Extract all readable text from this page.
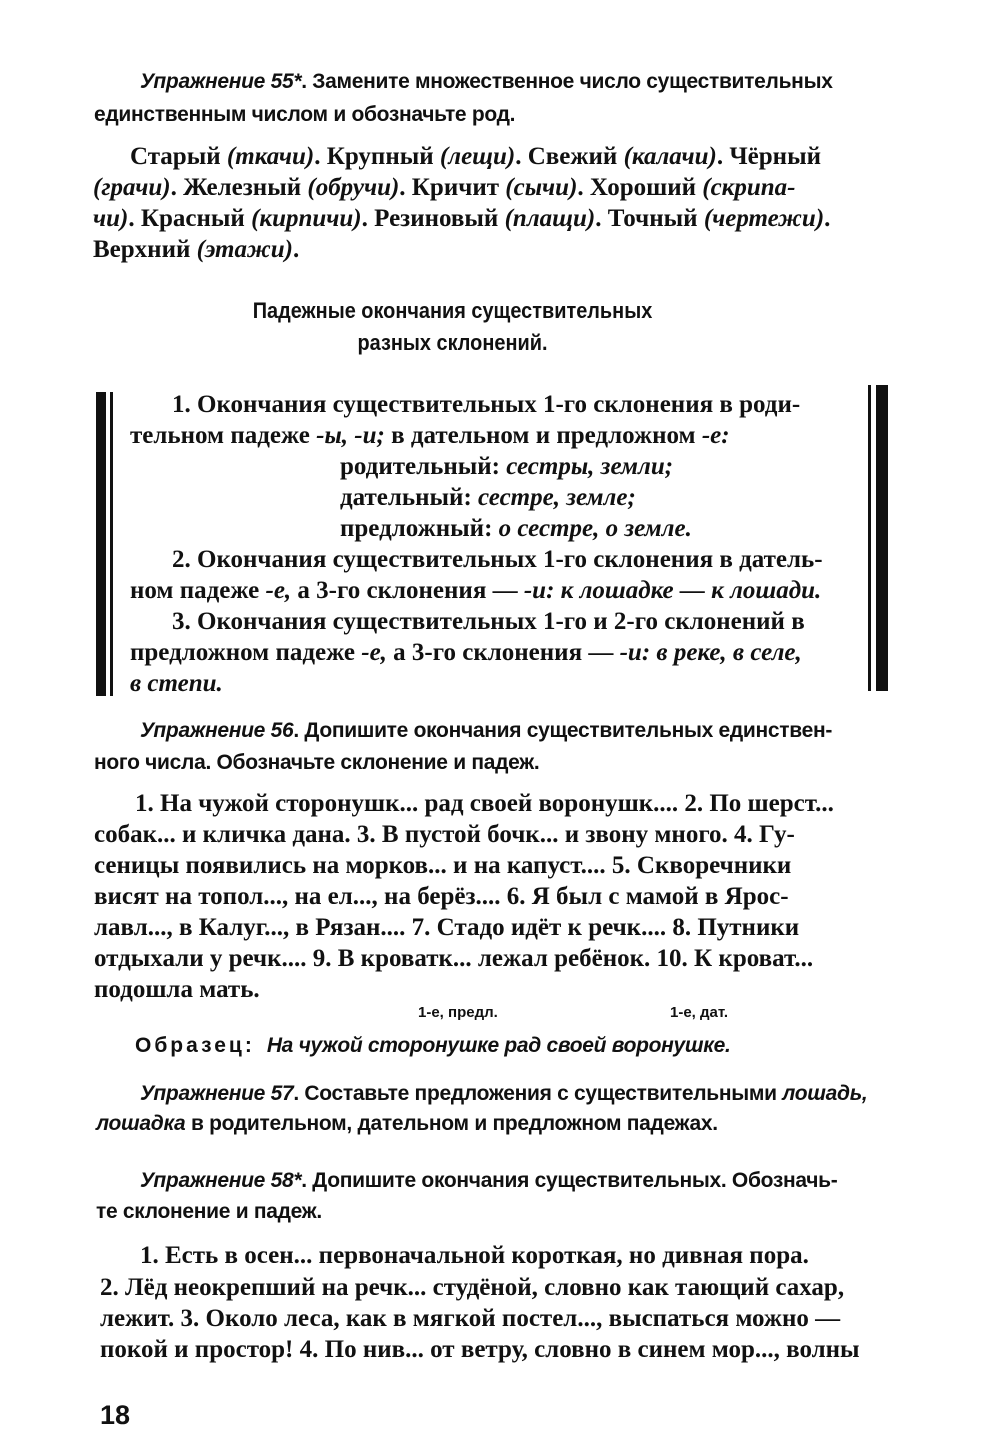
Упражнение 55*. Замените множественное число существительных
единственным числом и обозначьте род.
Старый (ткачи). Крупный (лещи). Свежий (калачи). Чёрный
(грачи). Железный (обручи). Кричит (сычи). Хороший (скрипа-
чи). Красный (кирпичи). Резиновый (плащи). Точный (чертежи).
Верхний (этажи).
Падежные окончания существительных
разных склонений.
1. Окончания существительных 1-го склонения в роди-
тельном падеже -ы, -и; в дательном и предложном -е:
родительный: сестры, земли;
дательный: сестре, земле;
предложный: о сестре, о земле.
2. Окончания существительных 1-го склонения в датель-
ном падеже -е, а 3-го склонения — -и: к лошадке — к лошади.
3. Окончания существительных 1-го и 2-го склонений в
предложном падеже -е, а 3-го склонения — -и: в реке, в селе,
в степи.
Упражнение 56. Допишите окончания существительных единствен-
ного числа. Обозначьте склонение и падеж.
1. На чужой сторонушк... рад своей воронушк.... 2. По шерст...
собак... и кличка дана. 3. В пустой бочк... и звону много. 4. Гу-
сеницы появились на морков... и на капуст.... 5. Скворечники
висят на топол..., на ел..., на берёз.... 6. Я был с мамой в Ярос-
лавл..., в Калуг..., в Рязан.... 7. Стадо идёт к речк.... 8. Путники
отдыхали у речк.... 9. В кроватк... лежал ребёнок. 10. К кроват...
подошла мать.
1-е, предл.	1-е, дат.
Образец: На чужой сторонушке рад своей воронушке.
Упражнение 57. Составьте предложения с существительными лошадь,
лошадка в родительном, дательном и предложном падежах.
Упражнение 58*. Допишите окончания существительных. Обозначь-
те склонение и падеж.
1. Есть в осен... первоначальной короткая, но дивная пора.
2. Лёд неокрепший на речк... студёной, словно как тающий сахар,
лежит. 3. Около леса, как в мягкой постел..., выспаться можно —
покой и простор! 4. По нив... от ветру, словно в синем мор..., волны
18
